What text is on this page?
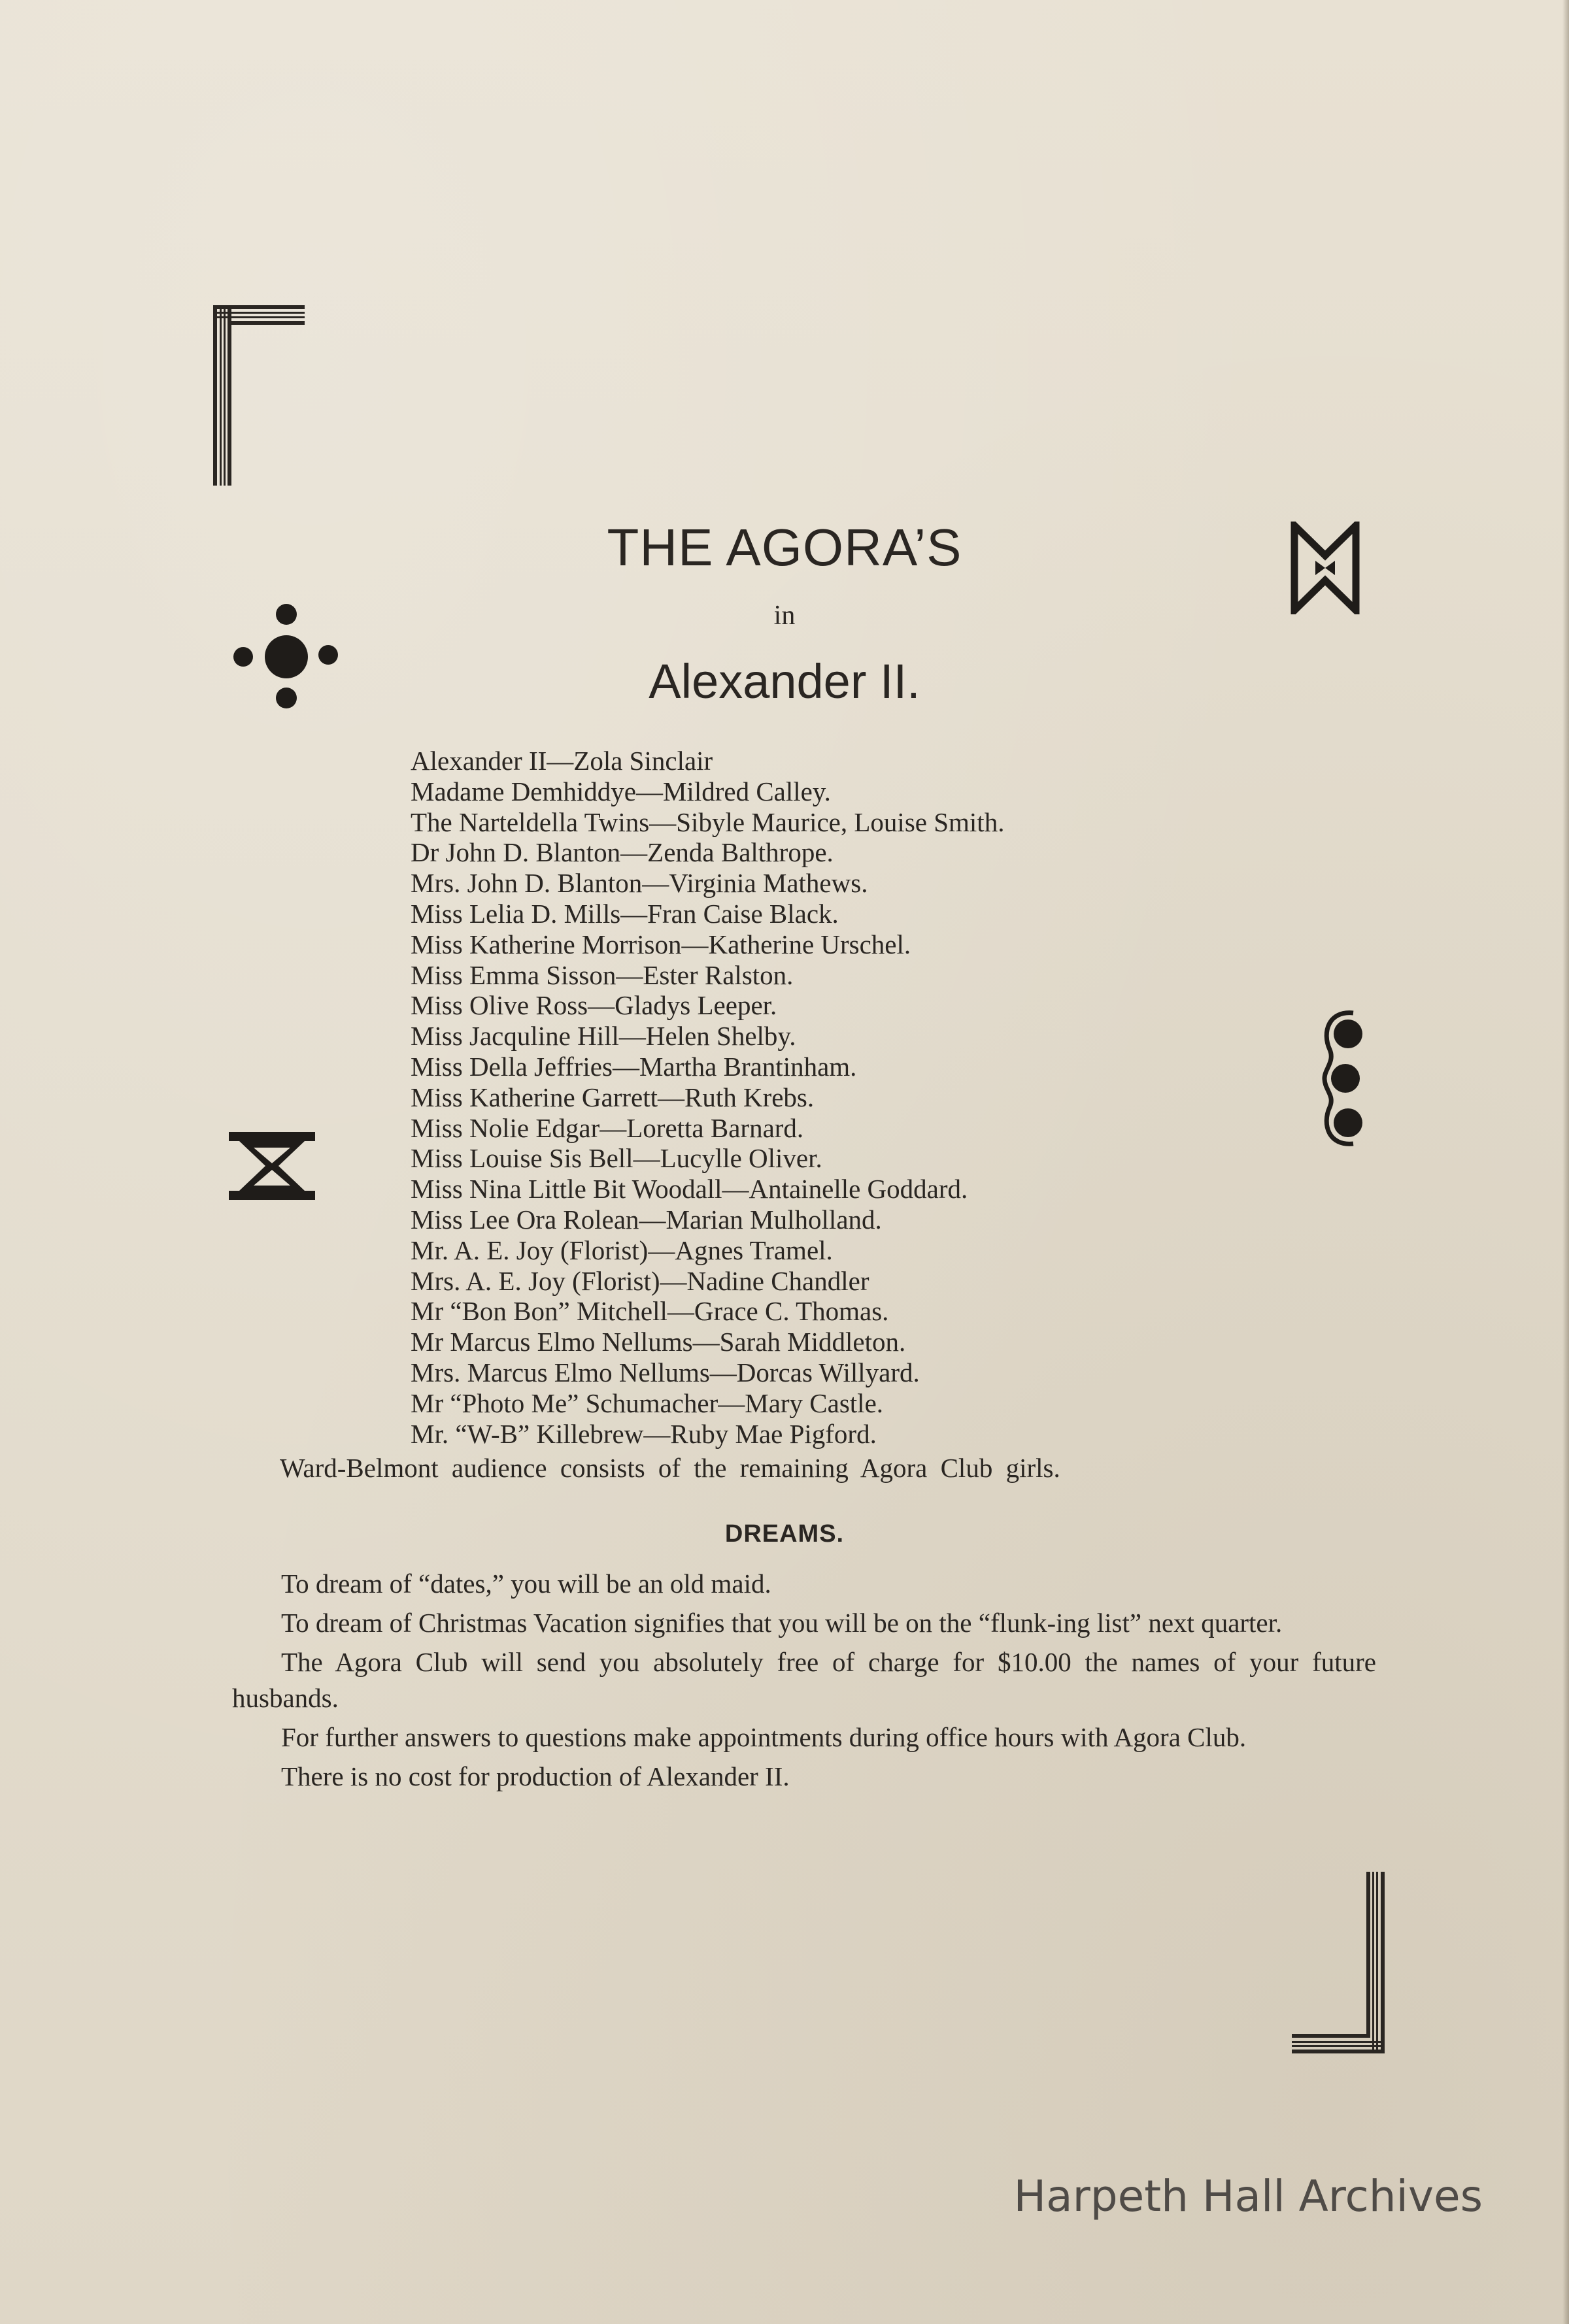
THE AGORA’S

in

Alexander II.
Alexander II—Zola Sinclair
Madame Demhiddye—Mildred Calley.
The Narteldella Twins—Sibyle Maurice, Louise Smith.
Dr John D. Blanton—Zenda Balthrope.
Mrs. John D. Blanton—Virginia Mathews.
Miss Lelia D. Mills—Fran Caise Black.
Miss Katherine Morrison—Katherine Urschel.
Miss Emma Sisson—Ester Ralston.
Miss Olive Ross—Gladys Leeper.
Miss Jacquline Hill—Helen Shelby.
Miss Della Jeffries—Martha Brantinham.
Miss Katherine Garrett—Ruth Krebs.
Miss Nolie Edgar—Loretta Barnard.
Miss Louise Sis Bell—Lucylle Oliver.
Miss Nina Little Bit Woodall—Antainelle Goddard.
Miss Lee Ora Rolean—Marian Mulholland.
Mr. A. E. Joy (Florist)—Agnes Tramel.
Mrs. A. E. Joy (Florist)—Nadine Chandler
Mr “Bon Bon” Mitchell—Grace C. Thomas.
Mr Marcus Elmo Nellums—Sarah Middleton.
Mrs. Marcus Elmo Nellums—Dorcas Willyard.
Mr “Photo Me” Schumacher—Mary Castle.
Mr. “W-B” Killebrew—Ruby Mae Pigford.

Ward-Belmont audience consists of the remaining Agora Club girls.

DREAMS.

To dream of “dates,” you will be an old maid.

To dream of Christmas Vacation signifies that you will be on the “flunk-ing list” next quarter.

The Agora Club will send you absolutely free of charge for $10.00 the names of your future husbands.

For further answers to questions make appointments during office hours with Agora Club.

There is no cost for production of Alexander II.

Harpeth Hall Archives
